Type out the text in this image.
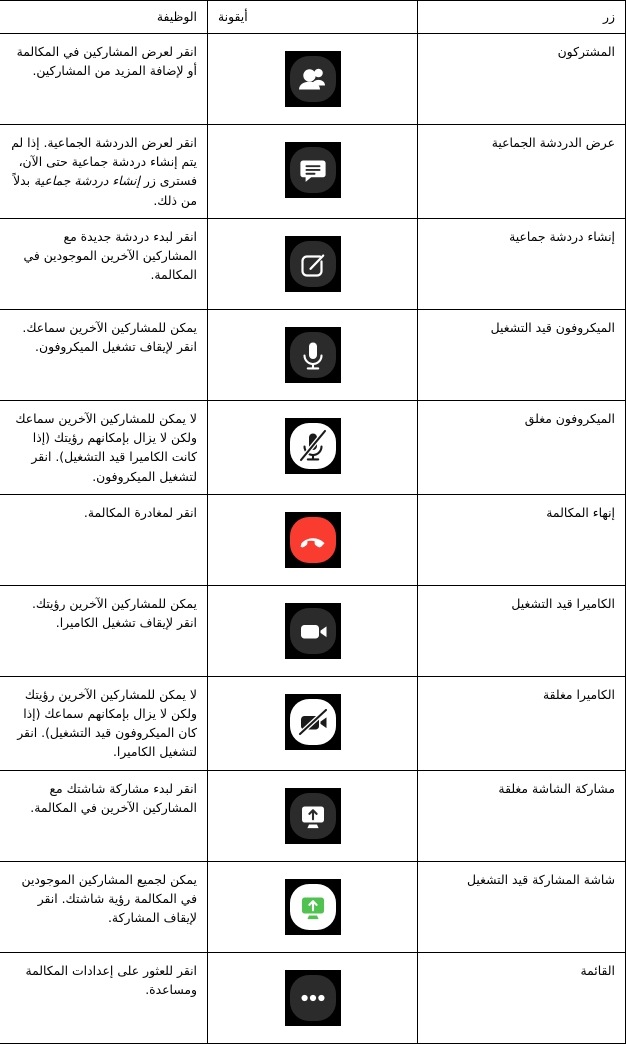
زر	أيقونة	الوظيفة
المشتركون		انقر لعرض المشاركين في المكالمة أو لإضافة المزيد من المشاركين.
عرض الدردشة الجماعية		انقر لعرض الدردشة الجماعية. إذا لم يتم إنشاء دردشة جماعية حتى الآن، فسترى زر إنشاء دردشة جماعية بدلاً من ذلك.
إنشاء دردشة جماعية		انقر لبدء دردشة جديدة مع المشاركين الآخرين الموجودين في المكالمة.
الميكروفون قيد التشغيل		يمكن للمشاركين الآخرين سماعك. انقر لإيقاف تشغيل الميكروفون.
الميكروفون مغلق		لا يمكن للمشاركين الآخرين سماعك ولكن لا يزال بإمكانهم رؤيتك (إذا كانت الكاميرا قيد التشغيل). انقر لتشغيل الميكروفون.
إنهاء المكالمة		انقر لمغادرة المكالمة.
الكاميرا قيد التشغيل		يمكن للمشاركين الآخرين رؤيتك. انقر لإيقاف تشغيل الكاميرا.
الكاميرا مغلقة		لا يمكن للمشاركين الآخرين رؤيتك ولكن لا يزال بإمكانهم سماعك (إذا كان الميكروفون قيد التشغيل). انقر لتشغيل الكاميرا.
مشاركة الشاشة مغلقة		انقر لبدء مشاركة شاشتك مع المشاركين الآخرين في المكالمة.
شاشة المشاركة قيد التشغيل		يمكن لجميع المشاركين الموجودين في المكالمة رؤية شاشتك. انقر لإيقاف المشاركة.
القائمة		انقر للعثور على إعدادات المكالمة ومساعدة.
